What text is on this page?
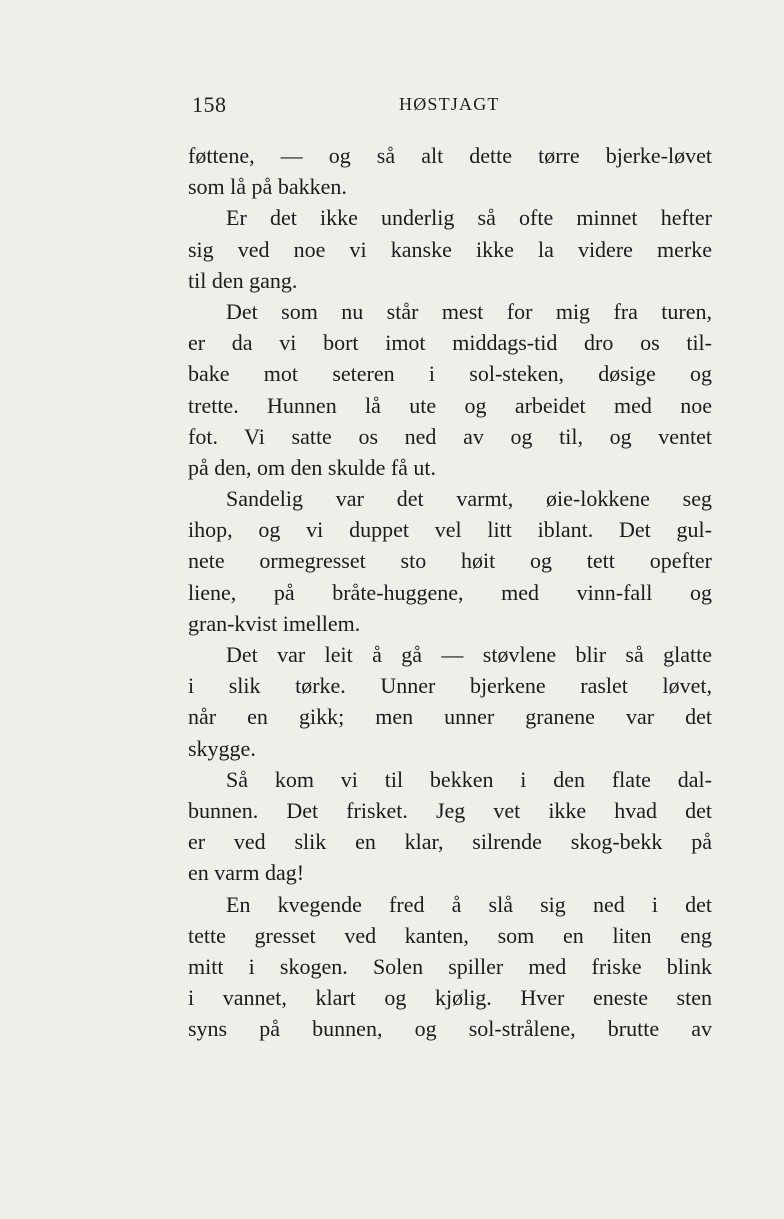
158	HØSTJAGT
føttene, — og så alt dette tørre bjerke-løvet
som lå på bakken.
Er det ikke underlig så ofte minnet hefter
sig ved noe vi kanske ikke la videre merke
til den gang.
Det som nu står mest for mig fra turen,
er da vi bort imot middags-tid dro os til-
bake mot seteren i sol-steken, døsige og
trette. Hunnen lå ute og arbeidet med noe
fot. Vi satte os ned av og til, og ventet
på den, om den skulde få ut.
Sandelig var det varmt, øie-lokkene seg
ihop, og vi duppet vel litt iblant. Det gul-
nete ormegresset sto høit og tett opefter
liene, på bråte-huggene, med vinn-fall og
gran-kvist imellem.
Det var leit å gå — støvlene blir så glatte
i slik tørke. Unner bjerkene raslet løvet,
når en gikk; men unner granene var det
skygge.
Så kom vi til bekken i den flate dal-
bunnen. Det frisket. Jeg vet ikke hvad det
er ved slik en klar, silrende skog-bekk på
en varm dag!
En kvegende fred å slå sig ned i det
tette gresset ved kanten, som en liten eng
mitt i skogen. Solen spiller med friske blink
i vannet, klart og kjølig. Hver eneste sten
syns på bunnen, og sol-strålene, brutte av
